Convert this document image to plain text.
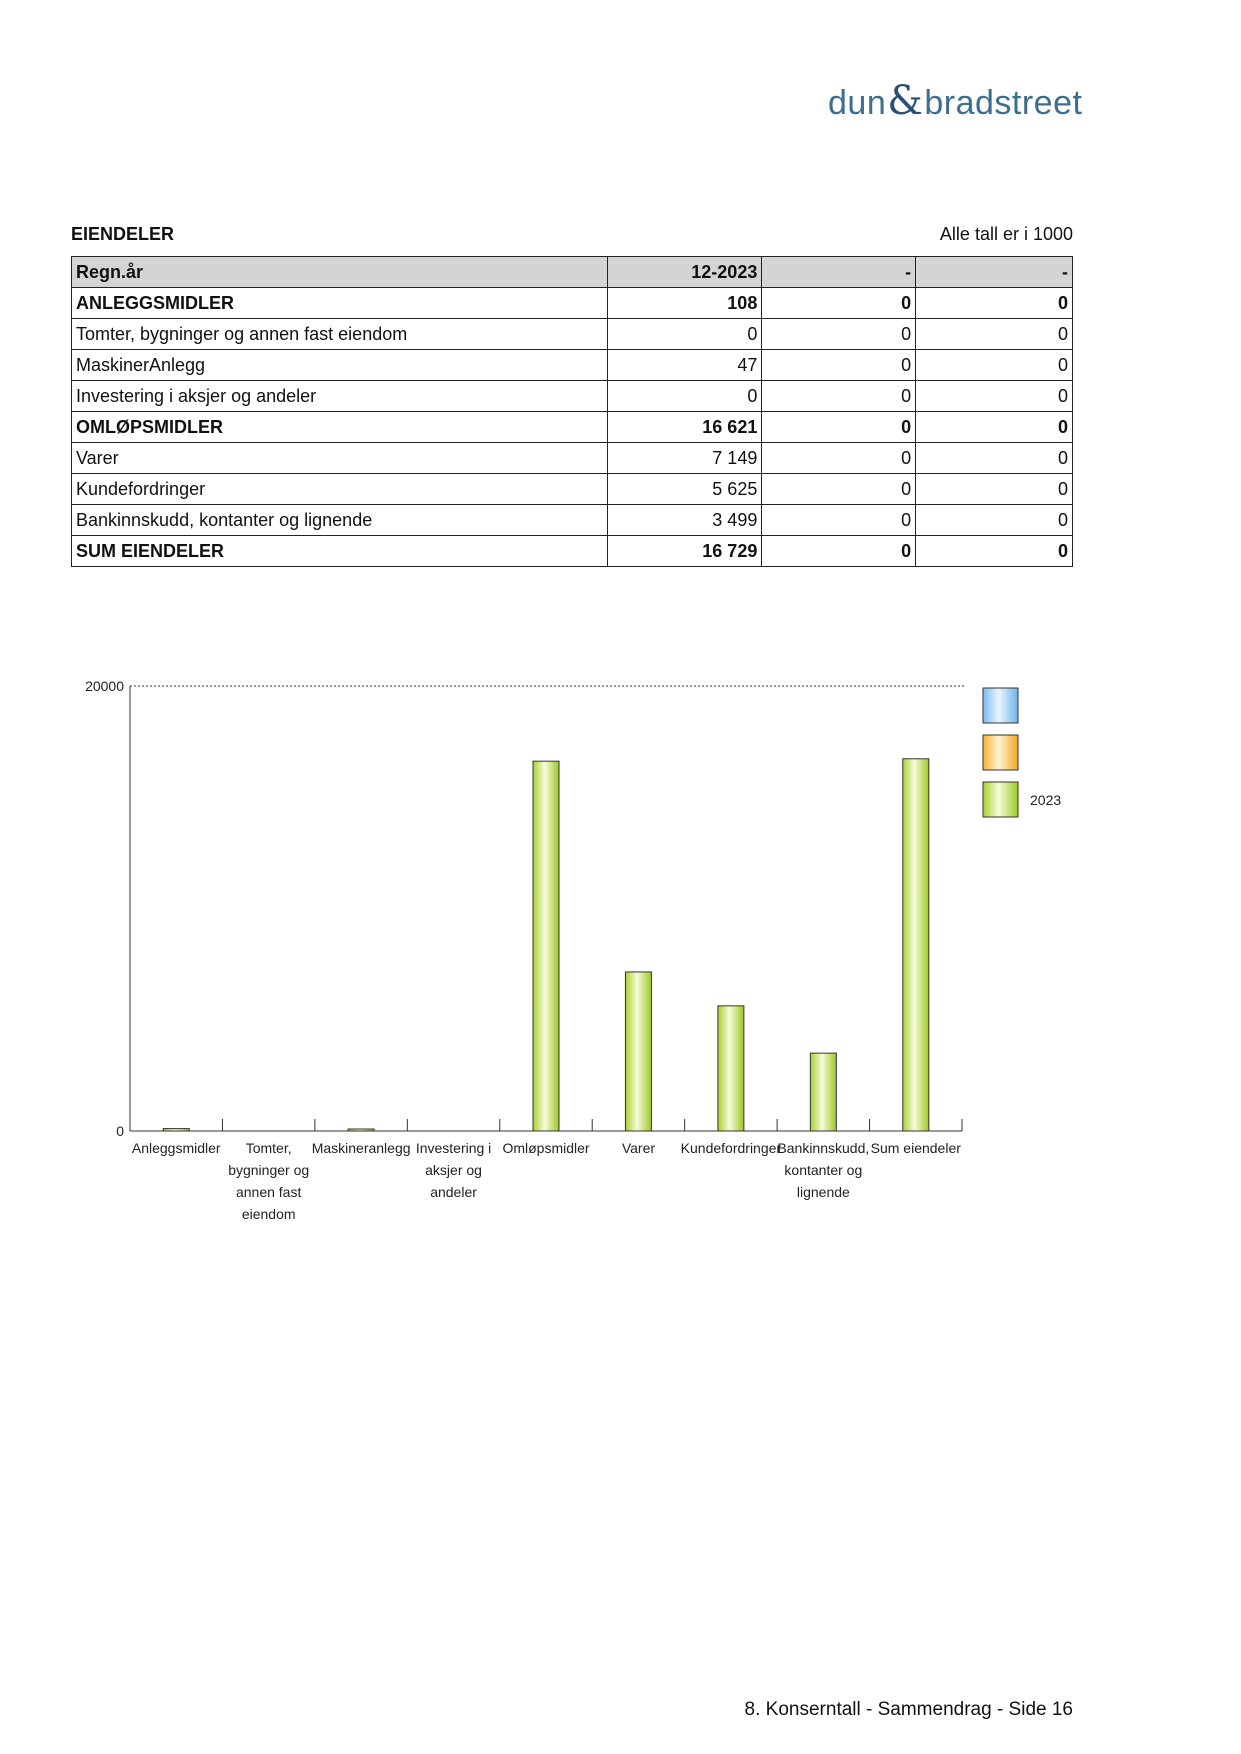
dun&bradstreet
EIENDELER	Alle tall er i 1000
Regn.år	12-2023	-	-
ANLEGGSMIDLER	108	0	0
Tomter, bygninger og annen fast eiendom	0	0	0
MaskinerAnlegg	47	0	0
Investering i aksjer og andeler	0	0	0
OMLØPSMIDLER	16 621	0	0
Varer	7 149	0	0
Kundefordringer	5 625	0	0
Bankinnskudd, kontanter og lignende	3 499	0	0
SUM EIENDELER	16 729	0	0
0
20000
Anleggsmidler	Tomter, bygninger og annen fast eiendom
Maskineranlegg Investering i aksjer og andeler
Omløpsmidler Varer Kundefordringer
Bankinnskudd, kontanter og lignende
Sum eiendeler
2023
8. Konserntall - Sammendrag - Side 16
